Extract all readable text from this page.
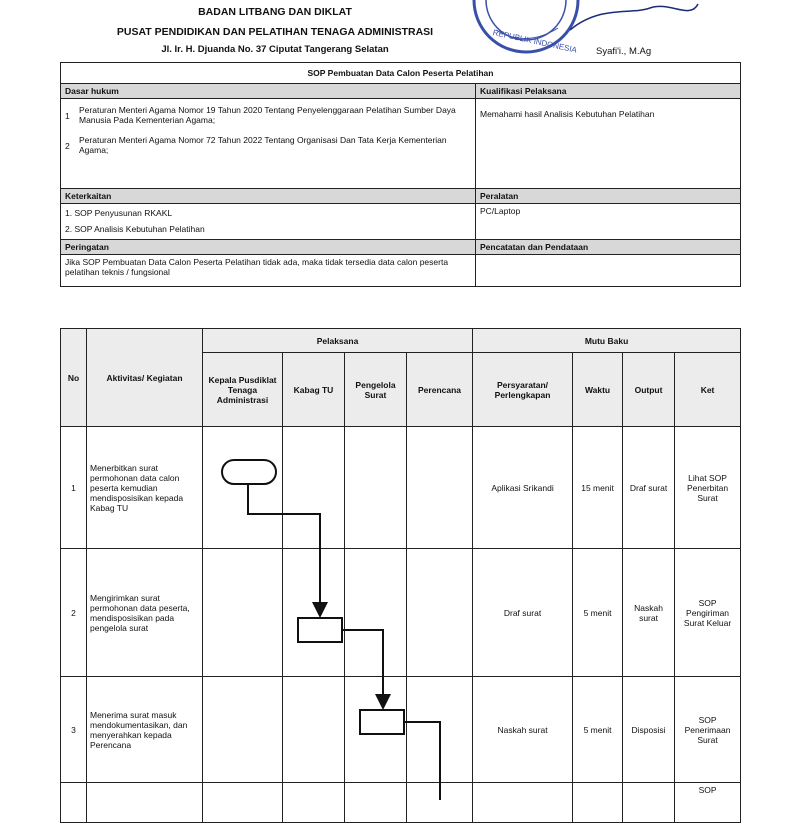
BADAN LITBANG DAN DIKLAT
PUSAT PENDIDIKAN DAN PELATIHAN TENAGA ADMINISTRASI
Jl. Ir. H. Djuanda No. 37 Ciputat Tangerang Selatan	REPUBLIK INDONESIA Syafi'i., M.Ag
SOP Pembuatan Data Calon Peserta Pelatihan	
Dasar hukum	Kualifikasi Pelaksana

1
Peraturan Menteri Agama Nomor 19 Tahun 2020 Tentang Penyelenggaraan Pelatihan Sumber Daya Manusia Pada Kementerian Agama;
2
Peraturan Menteri Agama Nomor 72 Tahun 2022 Tentang Organisasi Dan Tata Kerja Kementerian Agama;	Memahami hasil Analisis Kebutuhan Pelatihan
Keterkaitan	Peralatan

1. SOP Penyusunan RKAKL
2. SOP Analisis Kebutuhan Pelatihan	PC/Laptop
Peringatan	Pencatatan dan Pendataan
Jika SOP Pembuatan Data Calon Peserta Pelatihan tidak ada, maka tidak tersedia data calon peserta pelatihan teknis / fungsional	
No	Aktivitas/ Kegiatan	Pelaksana				Mutu Baku			
		Kepala Pusdiklat Tenaga Administrasi	Kabag TU	Pengelola Surat	Perencana	Persyaratan/ Perlengkapan	Waktu	Output	Ket
1	Menerbitkan surat permohonan data calon peserta kemudian mendisposisikan kepada Kabag TU					Aplikasi Srikandi	15 menit	Draf surat	Lihat SOP Penerbitan Surat
2	Mengirimkan surat permohonan data peserta, mendisposisikan pada pengelola surat					Draf surat	5 menit	Naskah surat	SOP Pengiriman Surat Keluar
3	Menerima surat masuk mendokumentasikan, dan menyerahkan kepada Perencana					Naskah surat	5 menit	Disposisi	SOP Penerimaan Surat
									SOP
